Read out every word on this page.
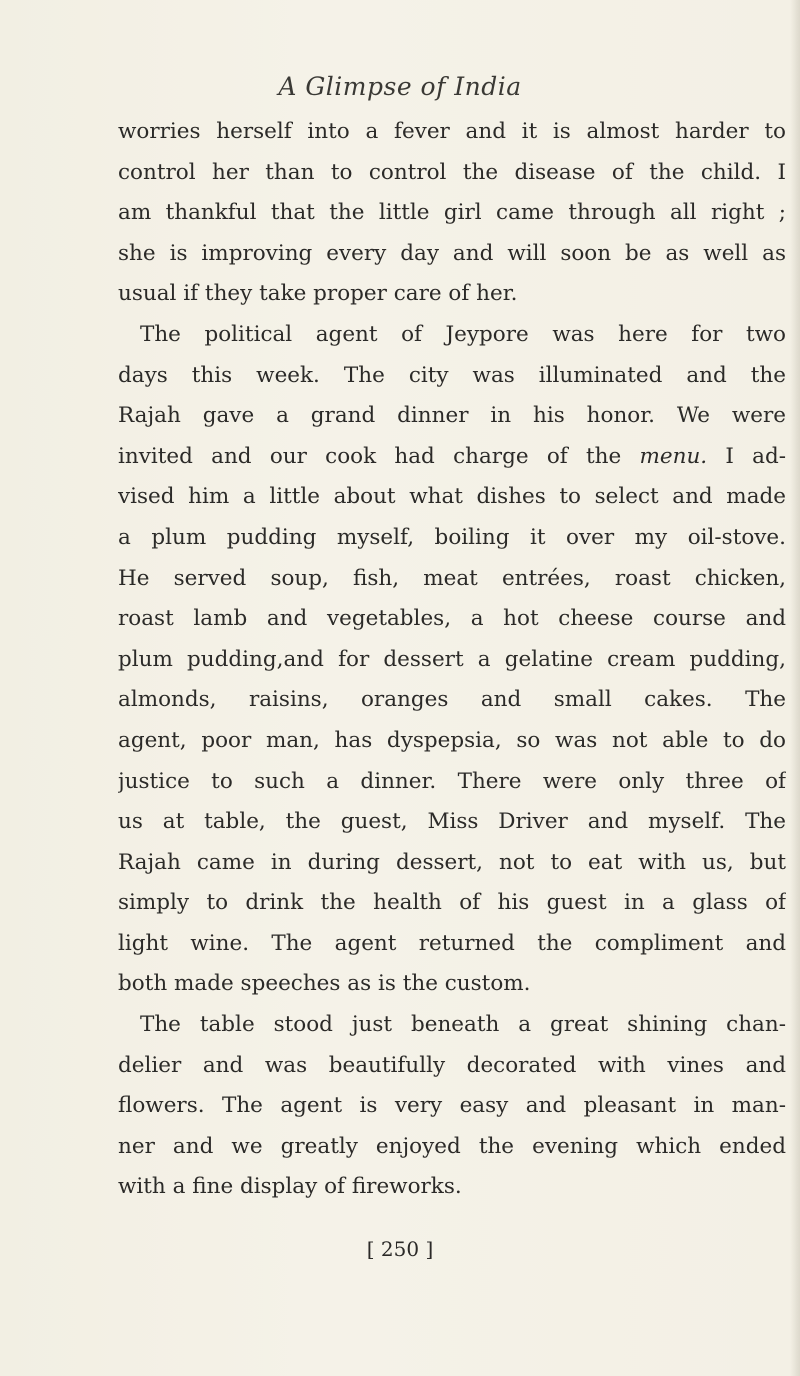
A Glimpse of India
worries herself into a fever and it is almost harder to
control her than to control the disease of the child. I
am thankful that the little girl came through all right ;
she is improving every day and will soon be as well as
usual if they take proper care of her.
The political agent of Jeypore was here for two
days this week. The city was illuminated and the
Rajah gave a grand dinner in his honor. We were
invited and our cook had charge of the menu. I ad-
vised him a little about what dishes to select and made
a plum pudding myself, boiling it over my oil-stove.
He served soup, fish, meat entrées, roast chicken,
roast lamb and vegetables, a hot cheese course and
plum pudding,and for dessert a gelatine cream pudding,
almonds, raisins, oranges and small cakes. The
agent, poor man, has dyspepsia, so was not able to do
justice to such a dinner. There were only three of
us at table, the guest, Miss Driver and myself. The
Rajah came in during dessert, not to eat with us, but
simply to drink the health of his guest in a glass of
light wine. The agent returned the compliment and
both made speeches as is the custom.
The table stood just beneath a great shining chan-
delier and was beautifully decorated with vines and
flowers. The agent is very easy and pleasant in man-
ner and we greatly enjoyed the evening which ended
with a fine display of fireworks.
[ 250 ]
